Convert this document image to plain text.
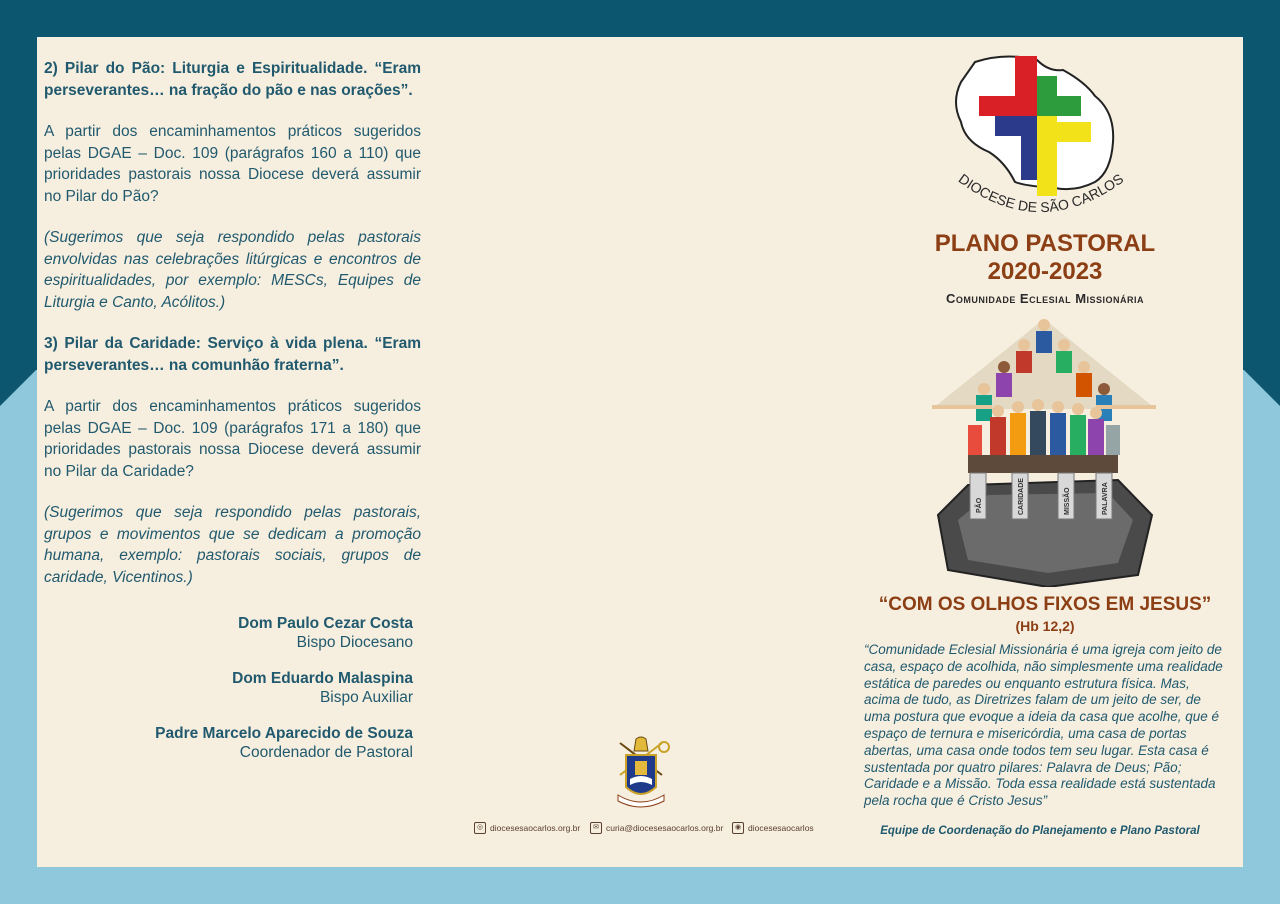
2) Pilar do Pão: Liturgia e Espiritualidade. “Eram perseverantes… na fração do pão e nas orações”.

A partir dos encaminhamentos práticos sugeridos pelas DGAE – Doc. 109 (parágrafos 160 a 110) que prioridades pastorais nossa Diocese deverá assumir no Pilar do Pão?

(Sugerimos que seja respondido pelas pastorais envolvidas nas celebrações litúrgicas e encontros de espiritualidades, por exemplo: MESCs, Equipes de Liturgia e Canto, Acólitos.)

3) Pilar da Caridade: Serviço à vida plena. “Eram perseverantes… na comunhão fraterna”.

A partir dos encaminhamentos práticos sugeridos pelas DGAE – Doc. 109 (parágrafos 171 a 180) que prioridades pastorais nossa Diocese deverá assumir no Pilar da Caridade?

(Sugerimos que seja respondido pelas pastorais, grupos e movimentos que se dedicam a promoção humana, exemplo: pastorais sociais, grupos de caridade, Vicentinos.)

Dom Paulo Cezar Costa
Bispo Diocesano
Dom Eduardo Malaspina
Bispo Auxiliar
Padre Marcelo Aparecido de Souza
Coordenador de Pastoral
◎ diocesesaocarlos.org.br	✉ curia@diocesesaocarlos.org.br	◉ diocesesaocarlos
DIOCESE DE SÃO CARLOS
PLANO PASTORAL
2020-2023
Comunidade Eclesial Missionária
PÃO	CARIDADE	MISSÃO	PALAVRA
“COM OS OLHOS FIXOS EM JESUS”
(Hb 12,2)
“Comunidade Eclesial Missionária é uma igreja com jeito de casa, espaço de acolhida, não simplesmente uma realidade estática de paredes ou enquanto estrutura física. Mas, acima de tudo, as Diretrizes falam de um jeito de ser, de uma postura que evoque a ideia da casa que acolhe, que é espaço de ternura e misericórdia, uma casa de portas abertas, uma casa onde todos tem seu lugar. Esta casa é sustentada por quatro pilares: Palavra de Deus; Pão; Caridade e a Missão. Toda essa realidade está sustentada pela rocha que é Cristo Jesus”
Equipe de Coordenação do Planejamento e Plano Pastoral
